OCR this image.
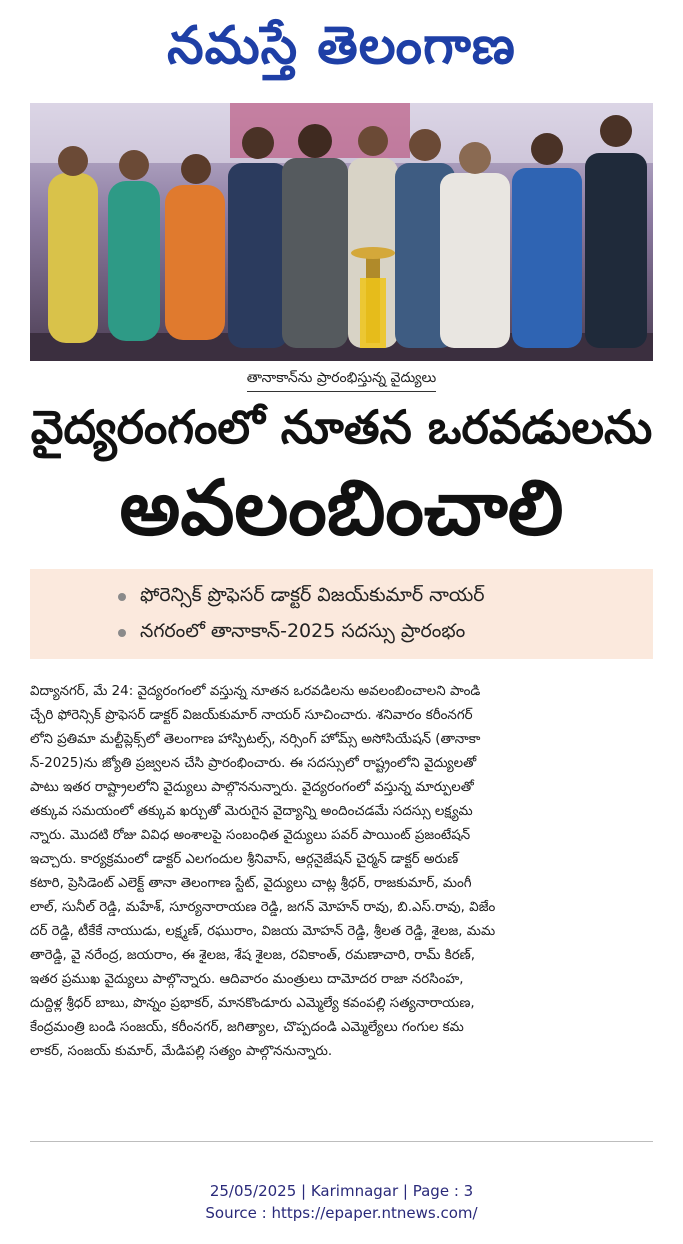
నమస్తే తెలంగాణ
తానాకాన్‌ను ప్రారంభిస్తున్న వైద్యులు
వైద్యరంగంలో నూతన ఒరవడులను
అవలంబించాలి
ఫోరెన్సిక్ ప్రొఫెసర్ డాక్టర్ విజయ్‌కుమార్ నాయర్
నగరంలో తానాకాన్-2025 సదస్సు ప్రారంభం

విద్యానగర్, మే 24: వైద్యరంగంలో వస్తున్న నూతన ఒరవడిలను అవలంబించాలని పాండి

చ్చేరి ఫోరెన్సిక్ ప్రొఫెసర్ డాక్టర్ విజయ్‌కుమార్ నాయర్ సూచించారు. శనివారం కరీంనగర్

లోని ప్రతిమా మల్టీప్లెక్స్‌లో తెలంగాణ హాస్పిటల్స్, నర్సింగ్ హోమ్స్ అసోసియేషన్ (తానాకా

న్-2025)ను జ్యోతి ప్రజ్వలన చేసి ప్రారంభించారు. ఈ సదస్సులో రాష్ట్రంలోని వైద్యులతో

పాటు ఇతర రాష్ట్రాలలోని వైద్యులు పాల్గొననున్నారు. వైద్యరంగంలో వస్తున్న మార్పులతో

తక్కువ సమయంలో తక్కువ ఖర్చుతో మెరుగైన వైద్యాన్ని అందించడమే సదస్సు లక్ష్యమ

న్నారు. మొదటి రోజు వివిధ అంశాలపై సంబంధిత వైద్యులు పవర్ పాయింట్ ప్రజంటేషన్

ఇచ్చారు. కార్యక్రమంలో డాక్టర్ ఎలగందుల శ్రీనివాస్, ఆర్గనైజేషన్ చైర్మన్ డాక్టర్ అరుణ్

కటారి, ప్రెసిడెంట్ ఎలెక్ట్ తానా తెలంగాణ స్టేట్, వైద్యులు చాట్ల శ్రీధర్, రాజకుమార్, మంగీ

లాల్, సునీల్ రెడ్డి, మహేశ్, సూర్యనారాయణ రెడ్డి, జగన్ మోహన్ రావు, బి.ఎస్.రావు, విజేం

దర్ రెడ్డి, టీకేకే నాయుడు, లక్ష్మణ్, రఘురాం, విజయ మోహన్ రెడ్డి, శ్రీలత రెడ్డి, శైలజ, మమ

తారెడ్డి, వై నరేంద్ర, జయరాం, ఈ శైలజ, శేష శైలజ, రవికాంత్, రమణాచారి, రామ్ కిరణ్,

ఇతర ప్రముఖ వైద్యులు పాల్గొన్నారు. ఆదివారం మంత్రులు దామోదర రాజా నరసింహ,

దుద్దిళ్ల శ్రీధర్ బాబు, పొన్నం ప్రభాకర్, మానకొండూరు ఎమ్మెల్యే కవంపల్లి సత్యనారాయణ,

కేంద్రమంత్రి బండి సంజయ్, కరీంనగర్, జగిత్యాల, చొప్పదండి ఎమ్మెల్యేలు గంగుల కమ

లాకర్, సంజయ్ కుమార్, మేడిపల్లి సత్యం పాల్గొననున్నారు.

25/05/2025 | Karimnagar | Page : 3
Source : https://epaper.ntnews.com/
